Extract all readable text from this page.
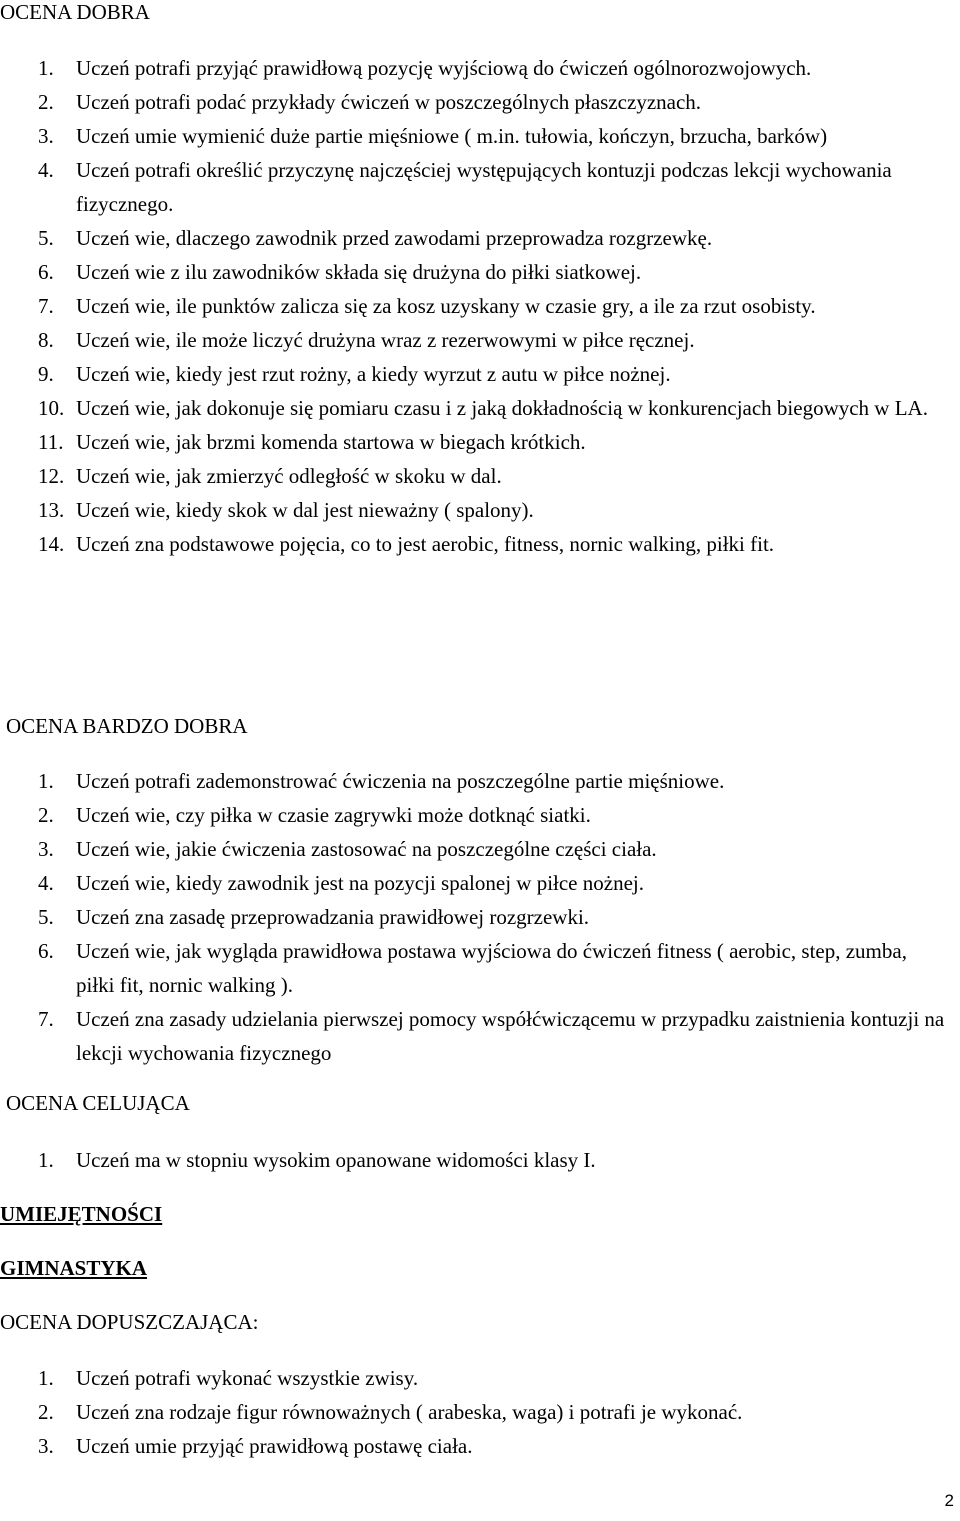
OCENA DOBRA
1.	Uczeń potrafi przyjąć prawidłową pozycję wyjściową do ćwiczeń ogólnorozwojowych.
2.	Uczeń potrafi podać przykłady ćwiczeń w poszczególnych płaszczyznach.
3.	Uczeń umie wymienić duże partie mięśniowe ( m.in. tułowia, kończyn, brzucha, barków)
4.	Uczeń potrafi określić przyczynę najczęściej występujących kontuzji podczas lekcji wychowania fizycznego.
5.	Uczeń wie, dlaczego zawodnik przed zawodami przeprowadza rozgrzewkę.
6.	Uczeń wie z ilu zawodników składa się drużyna do piłki siatkowej.
7.	Uczeń wie, ile punktów zalicza się za kosz uzyskany w czasie gry, a ile za rzut osobisty.
8.	Uczeń wie, ile może liczyć drużyna wraz z rezerwowymi w piłce ręcznej.
9.	Uczeń wie, kiedy jest rzut rożny, a kiedy wyrzut z autu w piłce nożnej.
10. Uczeń wie, jak dokonuje się pomiaru czasu i z jaką dokładnością w konkurencjach biegowych w LA.
11. Uczeń wie, jak brzmi komenda startowa w biegach krótkich.
12. Uczeń wie, jak zmierzyć odległość w skoku w dal.
13. Uczeń wie, kiedy skok w dal jest nieważny ( spalony).
14. Uczeń zna podstawowe pojęcia, co to jest aerobic, fitness, nornic walking, piłki fit.
OCENA BARDZO DOBRA
1.	Uczeń potrafi zademonstrować ćwiczenia na poszczególne partie mięśniowe.
2.	Uczeń wie, czy piłka w czasie zagrywki może dotknąć siatki.
3.	Uczeń wie, jakie ćwiczenia zastosować na poszczególne części ciała.
4.	Uczeń wie, kiedy zawodnik jest na pozycji spalonej w piłce nożnej.
5.	Uczeń zna zasadę przeprowadzania prawidłowej rozgrzewki.
6.	Uczeń wie, jak wygląda prawidłowa postawa wyjściowa do ćwiczeń fitness ( aerobic, step, zumba, piłki fit, nornic walking ).
7.	Uczeń zna zasady udzielania pierwszej pomocy współćwiczącemu w przypadku zaistnienia kontuzji na lekcji wychowania fizycznego
OCENA CELUJĄCA
1.	Uczeń ma w stopniu wysokim opanowane widomości klasy I.
UMIEJĘTNOŚCI
GIMNASTYKA
OCENA DOPUSZCZAJĄCA:
1.	Uczeń potrafi wykonać wszystkie zwisy.
2.	Uczeń zna rodzaje figur równoważnych ( arabeska, waga) i potrafi je wykonać.
3.	Uczeń umie przyjąć prawidłową postawę ciała.
2
